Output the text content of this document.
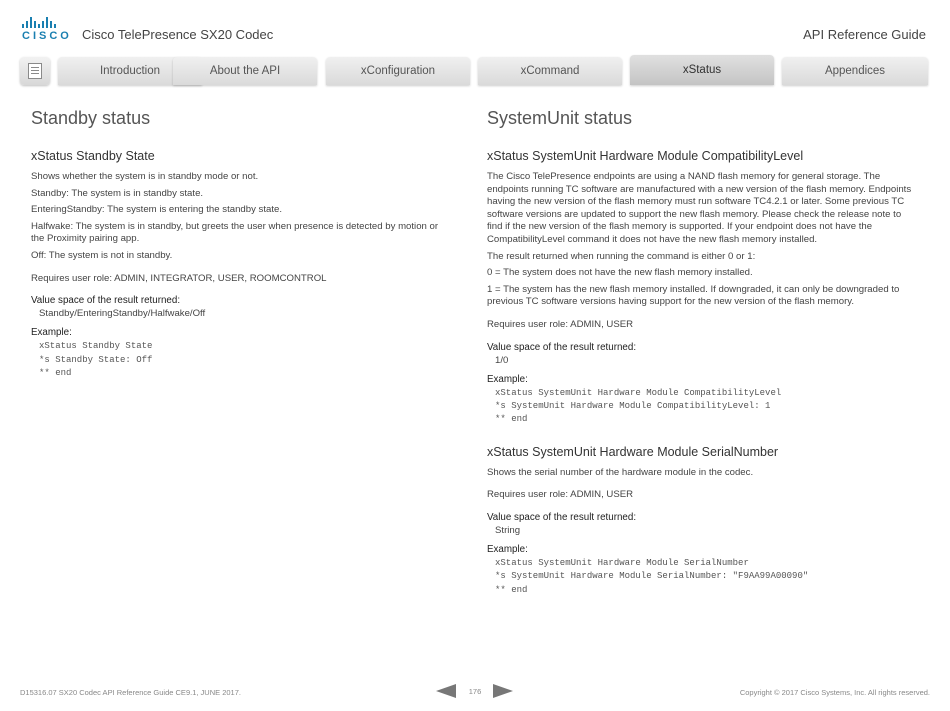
CISCO Cisco TelePresence SX20 Codec	API Reference Guide
Introduction	About the API	xConfiguration	xCommand	xStatus	Appendices
Standby status
xStatus Standby State

Shows whether the system is in standby mode or not.

Standby: The system is in standby state.

EnteringStandby: The system is entering the standby state.

Halfwake: The system is in standby, but greets the user when presence is detected by motion or the Proximity pairing app.

Off: The system is not in standby.

Requires user role: ADMIN, INTEGRATOR, USER, ROOMCONTROL

Value space of the result returned:
Standby/EnteringStandby/Halfwake/Off
Example:
xStatus Standby State
*s Standby State: Off
** end
SystemUnit status
xStatus SystemUnit Hardware Module CompatibilityLevel

The Cisco TelePresence endpoints are using a NAND flash memory for general storage. The endpoints running TC software are manufactured with a new version of the flash memory. Endpoints having the new version of the flash memory must run software TC4.2.1 or later. Some previous TC software versions are updated to support the new flash memory. Please check the release note to find if the new version of the flash memory is supported. If your endpoint does not have the CompatibilityLevel command it does not have the new flash memory installed.

The result returned when running the command is either 0 or 1:

0 = The system does not have the new flash memory installed.

1 = The system has the new flash memory installed. If downgraded, it can only be downgraded to previous TC software versions having support for the new version of the flash memory.

Requires user role: ADMIN, USER

Value space of the result returned:
1/0
Example:
xStatus SystemUnit Hardware Module CompatibilityLevel
*s SystemUnit Hardware Module CompatibilityLevel: 1
** end
xStatus SystemUnit Hardware Module SerialNumber

Shows the serial number of the hardware module in the codec.

Requires user role: ADMIN, USER

Value space of the result returned:
String
Example:
xStatus SystemUnit Hardware Module SerialNumber
*s SystemUnit Hardware Module SerialNumber: "F9AA99A00090"
** end
D15316.07 SX20 Codec API Reference Guide CE9.1, JUNE 2017.	176	Copyright © 2017 Cisco Systems, Inc. All rights reserved.
